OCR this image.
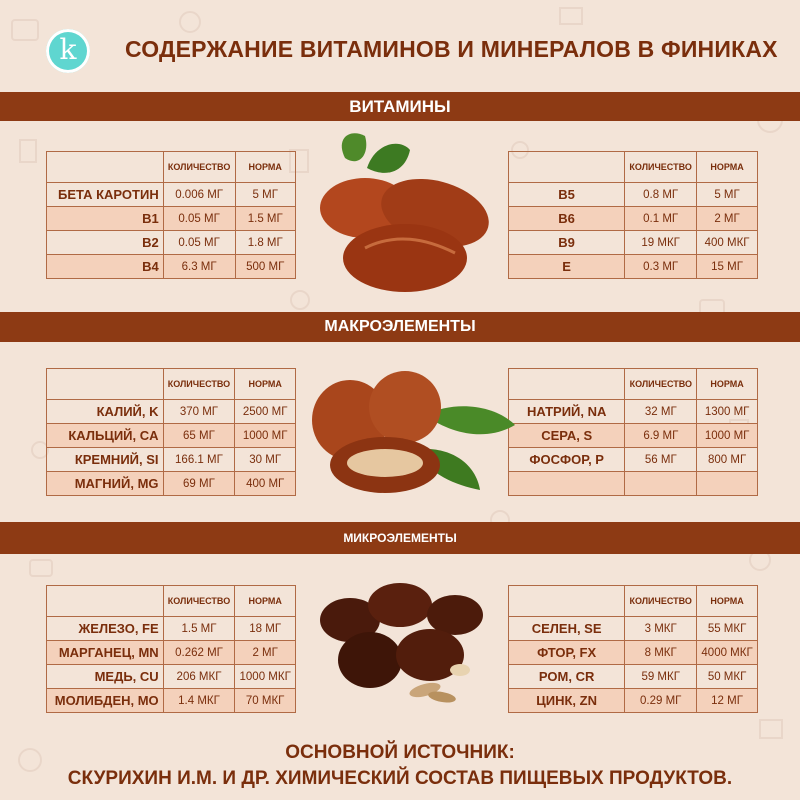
k СОДЕРЖАНИЕ ВИТАМИНОВ И МИНЕРАЛОВ В ФИНИКАХ
ВИТАМИНЫ
	КОЛИЧЕСТВО	НОРМА
БЕТА КАРОТИН	0.006 МГ	5 МГ
В1	0.05 МГ	1.5 МГ
В2	0.05 МГ	1.8 МГ
В4	6.3 МГ	500 МГ
	КОЛИЧЕСТВО	НОРМА
В5	0.8 МГ	5 МГ
В6	0.1 МГ	2 МГ
В9	19 МКГ	400 МКГ
Е	0.3 МГ	15 МГ
МАКРОЭЛЕМЕНТЫ
	КОЛИЧЕСТВО	НОРМА
КАЛИЙ, K	370 МГ	2500 МГ
КАЛЬЦИЙ, CA	65 МГ	1000 МГ
КРЕМНИЙ, SI	166.1 МГ	30 МГ
МАГНИЙ, MG	69 МГ	400 МГ
	КОЛИЧЕСТВО	НОРМА
НАТРИЙ, NA	32 МГ	1300 МГ
СЕРА, S	6.9 МГ	1000 МГ
ФОСФОР, P	56 МГ	800 МГ

МИКРОЭЛЕМЕНТЫ
	КОЛИЧЕСТВО	НОРМА
ЖЕЛЕЗО, FE	1.5 МГ	18 МГ
МАРГАНЕЦ, MN	0.262 МГ	2 МГ
МЕДЬ, CU	206 МКГ	1000 МКГ
МОЛИБДЕН, MO	1.4 МКГ	70 МКГ
	КОЛИЧЕСТВО	НОРМА
СЕЛЕН, SE	3 МКГ	55 МКГ
ФТОР, FX	8 МКГ	4000 МКГ
РОМ, CR	59 МКГ	50 МКГ
ЦИНК, ZN	0.29 МГ	12 МГ
ОСНОВНОЙ ИСТОЧНИК:
СКУРИХИН И.М. И ДР. ХИМИЧЕСКИЙ СОСТАВ ПИЩЕВЫХ ПРОДУКТОВ.
